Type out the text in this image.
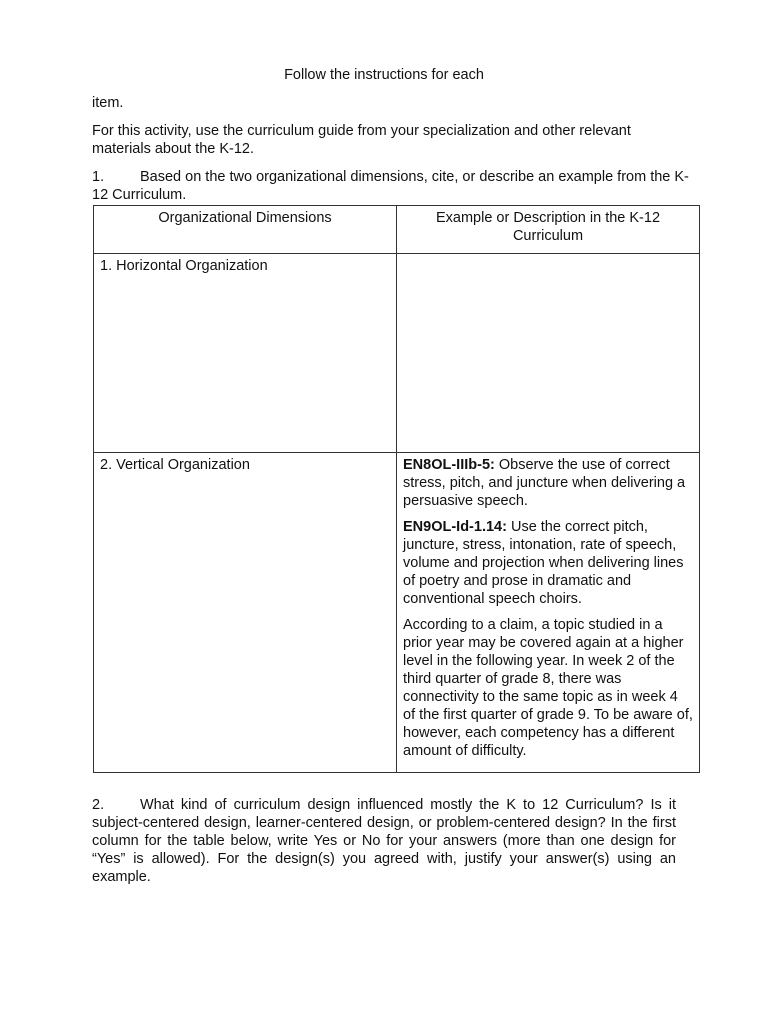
Follow the instructions for each
item.
For this activity, use the curriculum guide from your specialization and other relevant materials about the K-12.
1. Based on the two organizational dimensions, cite, or describe an example from the K-12 Curriculum.
Organizational Dimensions	Example or Description in the K-12 Curriculum
1. Horizontal Organization	
2. Vertical Organization	EN8OL-IIIb-5: Observe the use of correct stress, pitch, and juncture when delivering a persuasive speech.
EN9OL-Id-1.14: Use the correct pitch, juncture, stress, intonation, rate of speech, volume and projection when delivering lines of poetry and prose in dramatic and conventional speech choirs.
According to a claim, a topic studied in a prior year may be covered again at a higher level in the following year. In week 2 of the third quarter of grade 8, there was connectivity to the same topic as in week 4 of the first quarter of grade 9. To be aware of, however, each competency has a different amount of difficulty.
2. What kind of curriculum design influenced mostly the K to 12 Curriculum? Is it subject-centered design, learner-centered design, or problem-centered design? In the first column for the table below, write Yes or No for your answers (more than one design for “Yes” is allowed). For the design(s) you agreed with, justify your answer(s) using an example.
